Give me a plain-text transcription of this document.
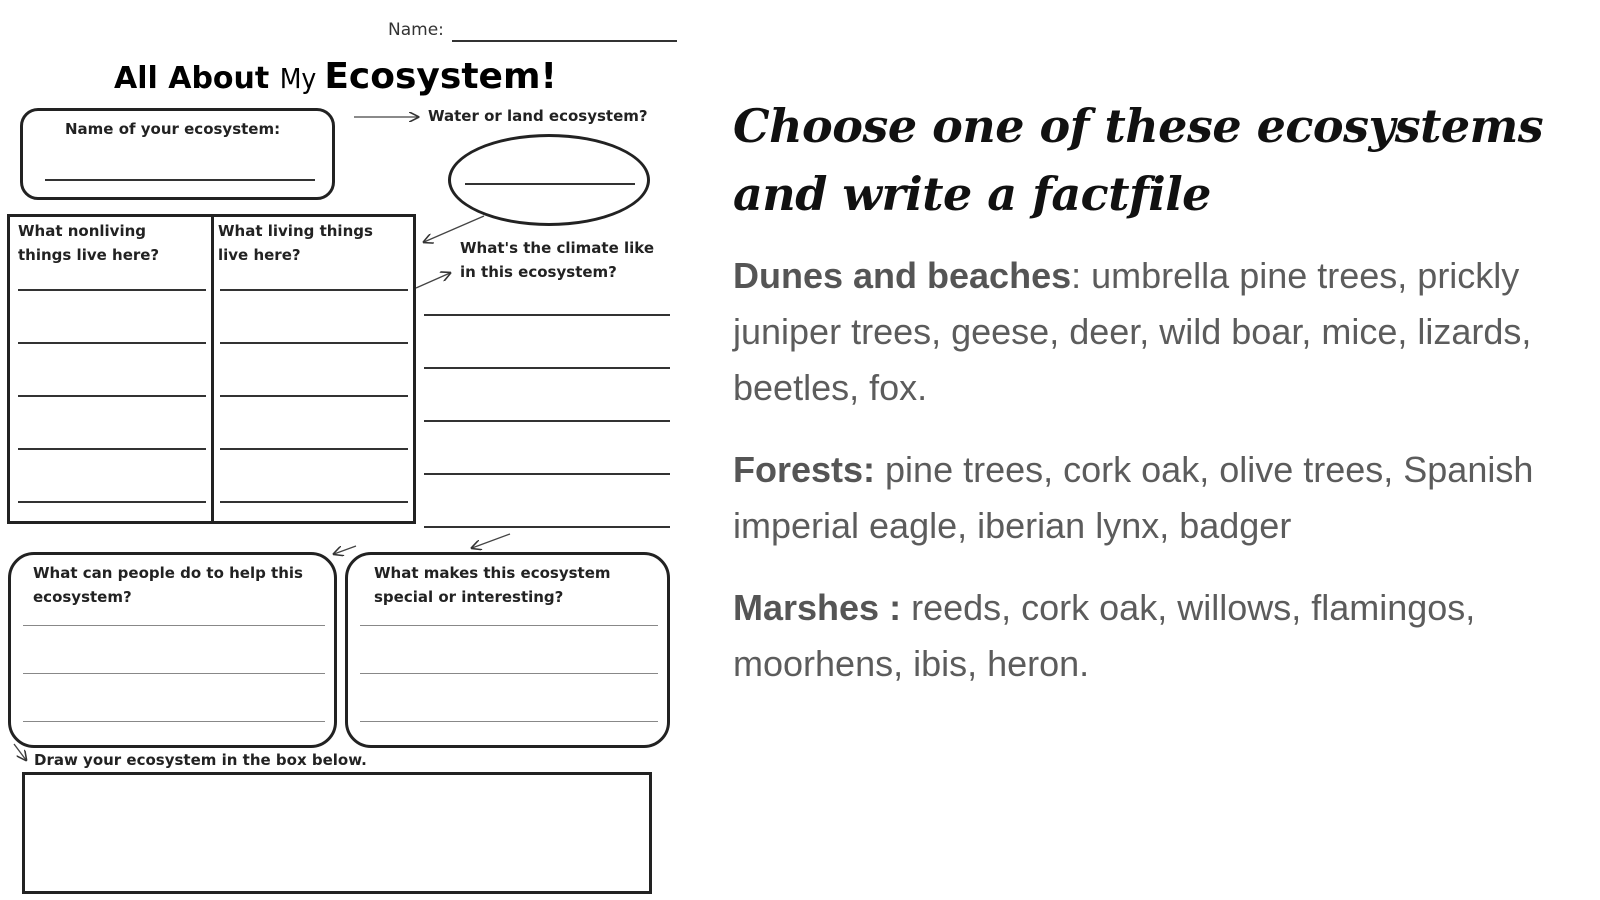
Name:
All About My Ecosystem!
Name of your ecosystem:
Water or land ecosystem?
What nonliving things live here?
What living things live here?	What's the climate like in this ecosystem?
What can people do to help this ecosystem?
What makes this ecosystem special or interesting?
Draw your ecosystem in the box below.
Choose one of these ecosystems and write a factfile

Dunes and beaches: umbrella pine trees, prickly juniper trees, geese, deer, wild boar, mice, lizards, beetles, fox.

Forests: pine trees, cork oak, olive trees, Spanish imperial eagle, iberian lynx, badger

Marshes : reeds, cork oak, willows, flamingos, moorhens, ibis, heron.
